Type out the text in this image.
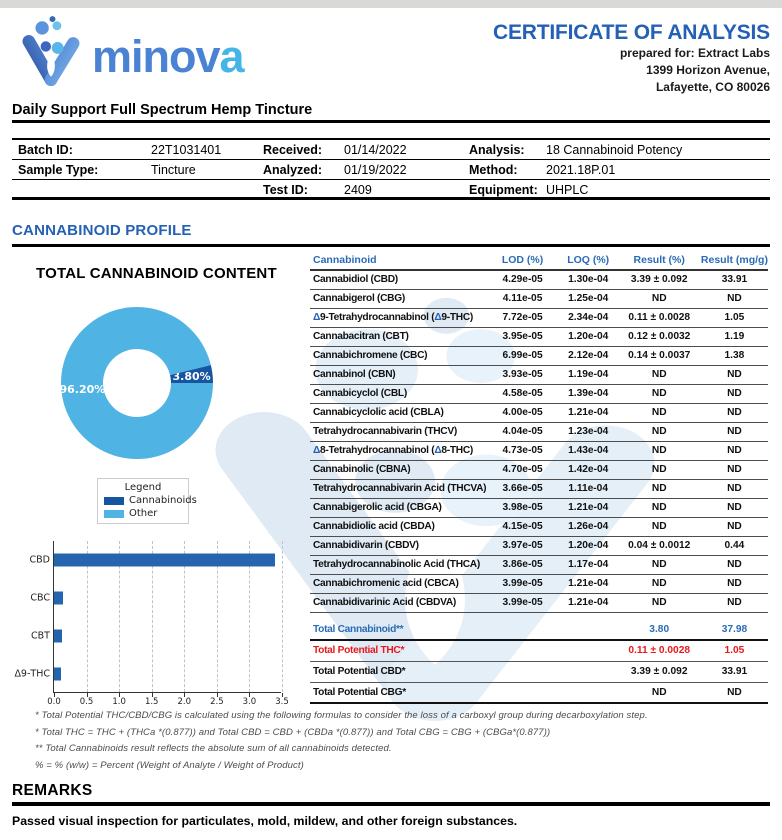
minova	CERTIFICATE OF ANALYSIS
prepared for: Extract Labs
1399 Horizon Avenue,
Lafayette, CO 80026
Daily Support Full Spectrum Hemp Tincture
Batch ID:	22T1031401	Received:	01/14/2022	Analysis:	18 Cannabinoid Potency
Sample Type:	Tincture	Analyzed:	01/19/2022	Method:	2021.18P.01
Test ID:	2409	Equipment: UHPLC
CANNABINOID PROFILE
TOTAL CANNABINOID CONTENT
3.80%
96.20%
Legend
Cannabinoids
Other
0.0	0.5	1.0	1.5	2.0	2.5	3.0	3.5
CBD
CBC
CBT
Δ9-THC
Cannabinoid	LOD (%)	LOQ (%)	Result (%)	Result (mg/g)
Cannabidiol (CBD)	4.29e-05	1.30e-04	3.39 ± 0.092	33.91
Cannabigerol (CBG)	4.11e-05	1.25e-04	ND	ND
Δ9-Tetrahydrocannabinol (Δ9-THC)	7.72e-05	2.34e-04	0.11 ± 0.0028	1.05
Cannabacitran (CBT)	3.95e-05	1.20e-04	0.12 ± 0.0032	1.19
Cannabichromene (CBC)	6.99e-05	2.12e-04	0.14 ± 0.0037	1.38
Cannabinol (CBN)	3.93e-05	1.19e-04	ND	ND
Cannabicyclol (CBL)	4.58e-05	1.39e-04	ND	ND
Cannabicyclolic acid (CBLA)	4.00e-05	1.21e-04	ND	ND
Tetrahydrocannabivarin (THCV)	4.04e-05	1.23e-04	ND	ND
Δ8-Tetrahydrocannabinol (Δ8-THC)	4.73e-05	1.43e-04	ND	ND
Cannabinolic (CBNA)	4.70e-05	1.42e-04	ND	ND
Tetrahydrocannabivarin Acid (THCVA)	3.66e-05	1.11e-04	ND	ND
Cannabigerolic acid (CBGA)	3.98e-05	1.21e-04	ND	ND
Cannabidiolic acid (CBDA)	4.15e-05	1.26e-04	ND	ND
Cannabidivarin (CBDV)	3.97e-05	1.20e-04	0.04 ± 0.0012	0.44
Tetrahydrocannabinolic Acid (THCA)	3.86e-05	1.17e-04	ND	ND
Cannabichromenic acid (CBCA)	3.99e-05	1.21e-04	ND	ND
Cannabidivarinic Acid (CBDVA)	3.99e-05	1.21e-04	ND	ND

Total Cannabinoid**			3.80	37.98
Total Potential THC*			0.11 ± 0.0028	1.05
Total Potential CBD*			3.39 ± 0.092	33.91
Total Potential CBG*			ND	ND
* Total Potential THC/CBD/CBG is calculated using the following formulas to consider the loss of a carboxyl group during decarboxylation step.
* Total THC = THC + (THCa *(0.877)) and Total CBD = CBD + (CBDa *(0.877)) and Total CBG = CBG + (CBGa*(0.877))
** Total Cannabinoids result reflects the absolute sum of all cannabinoids detected.
% = % (w/w) = Percent (Weight of Analyte / Weight of Product)
REMARKS
Passed visual inspection for particulates, mold, mildew, and other foreign substances.
